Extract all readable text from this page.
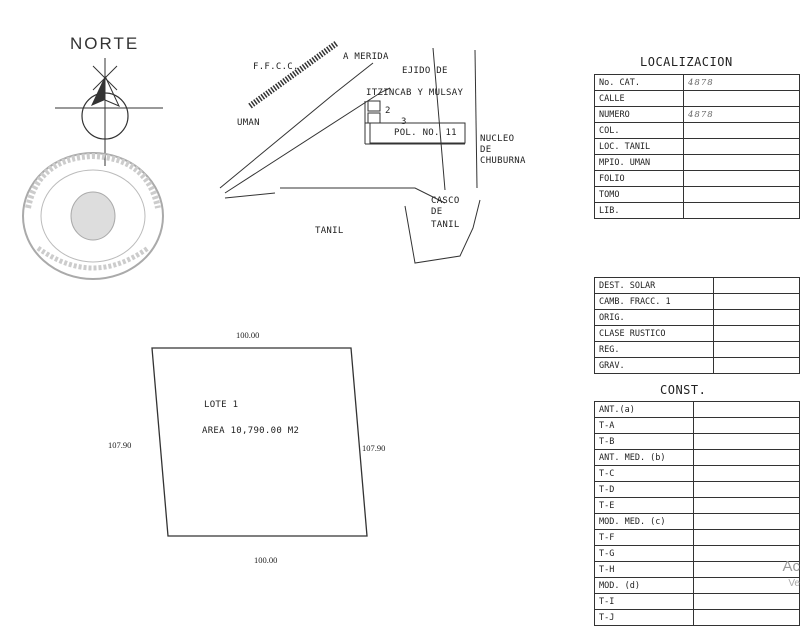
NORTE
F.F.C.C.
A MERIDA
EJIDO DE
ITZINCAB Y MULSAY
2
3
POL. NO. 11
NUCLEO
DE
CHUBURNA
UMAN
CASCO
DE
TANIL
TANIL
100.00
100.00
107.90	107.90
LOTE 1
AREA 10,790.00 M2
LOCALIZACION
No. CAT.	4878
CALLE	
NUMERO	4878
COL.	
LOC. TANIL	
MPIO. UMAN	
FOLIO	
TOMO	
LIB.	
DEST. SOLAR	
CAMB. FRACC. 1	
ORIG.	
CLASE RUSTICO	
REG.	
GRAV.	
CONST.
ANT.(a)	
T-A	
T-B	
ANT. MED. (b)	
T-C	
T-D	
T-E	
MOD. MED. (c)	
T-F	
T-G	
T-H	
MOD. (d)	
T-I	
T-J	
Ac
Ve
